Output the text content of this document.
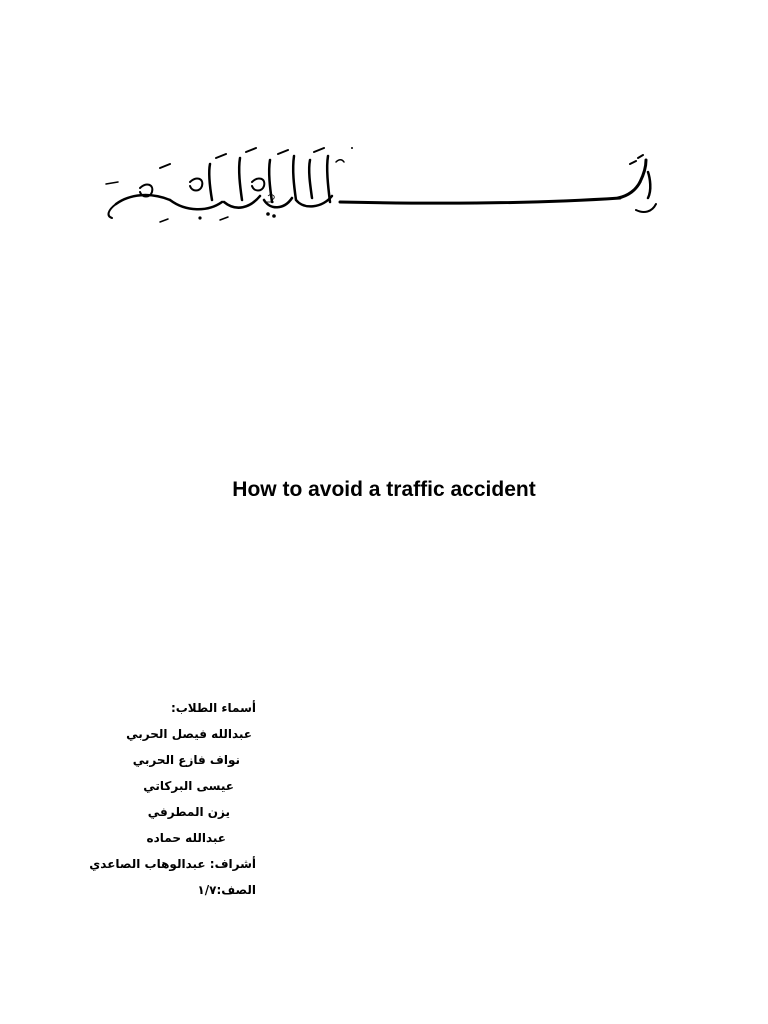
How to avoid a traffic accident
أسماء الطلاب:
عبدالله فيصل الحربي
نواف فازع الحربي
عيسى البركاتي
يزن المطرفي
عبدالله حماده
أشراف: عبدالوهاب الصاعدي
الصف:١/٧
